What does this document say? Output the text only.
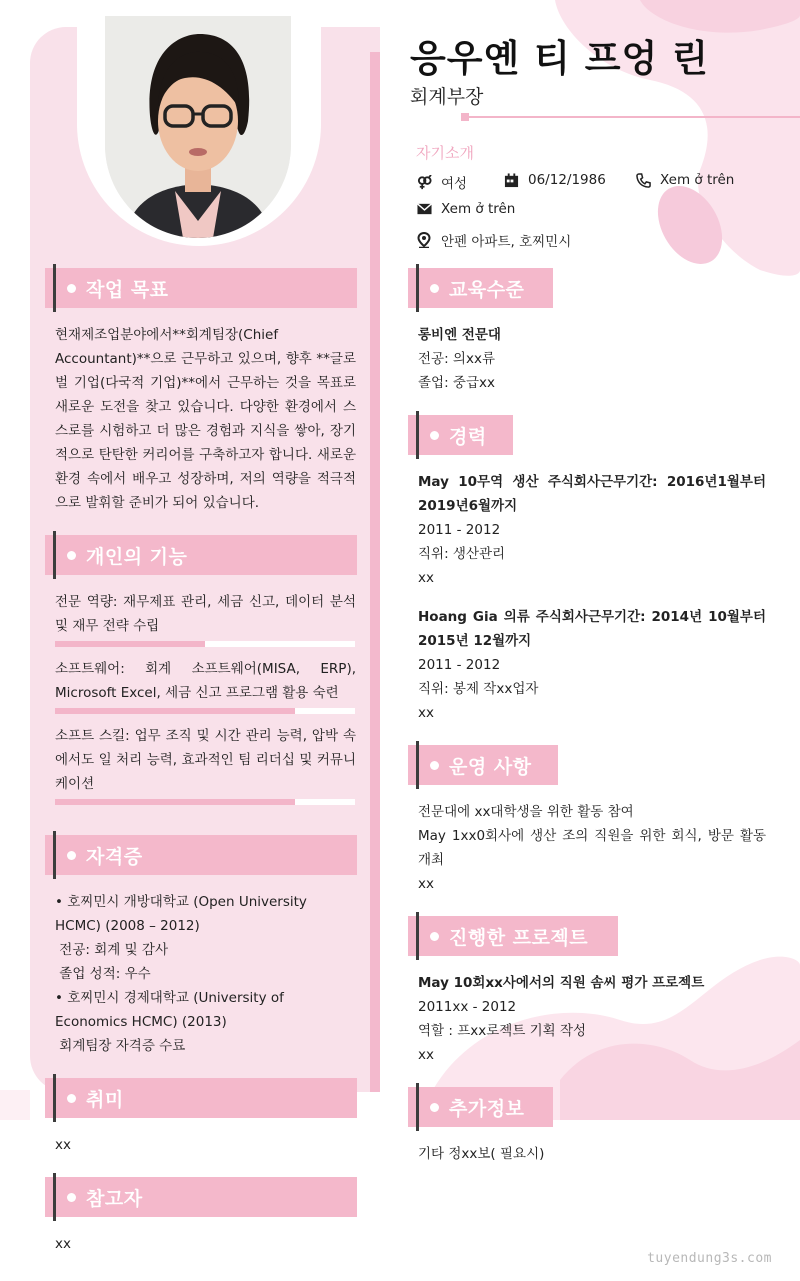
응우옌 티 프엉 린
회계부장
자기소개
여성	06/12/1986	Xem ở trên
Xem ở trên
안펜 아파트, 호찌민시
작업 목표
현재제조업분야에서**회계팀장(Chief Accountant)**으로 근무하고 있으며, 향후 **글로벌 기업(다국적 기업)**에서 근무하는 것을 목표로 새로운 도전을 찾고 있습니다. 다양한 환경에서 스스로를 시험하고 더 많은 경험과 지식을 쌓아, 장기적으로 탄탄한 커리어를 구축하고자 합니다. 새로운 환경 속에서 배우고 성장하며, 저의 역량을 적극적으로 발휘할 준비가 되어 있습니다.
개인의 기능
전문 역량: 재무제표 관리, 세금 신고, 데이터 분석 및 재무 전략 수립
소프트웨어: 회계 소프트웨어(MISA, ERP), Microsoft Excel, 세금 신고 프로그램 활용 숙련
소프트 스킬: 업무 조직 및 시간 관리 능력, 압박 속에서도 일 처리 능력, 효과적인 팀 리더십 및 커뮤니케이션
자격증
• 호찌민시 개방대학교 (Open University HCMC) (2008 – 2012)
전공: 회계 및 감사
졸업 성적: 우수
• 호찌민시 경제대학교 (University of Economics HCMC) (2013)
회계팀장 자격증 수료
취미
xx
참고자
xx
교육수준
롱비엔 전문대
전공: 의xx류
졸업: 중급xx
경력
May 10무역 생산 주식회사근무기간: 2016년1월부터 2019년6월까지
2011 - 2012
직위: 생산관리
xx
Hoang Gia 의류 주식회사근무기간: 2014년 10월부터 2015년 12월까지
2011 - 2012
직위: 봉제 작xx업자
xx
운영 사항
전문대에 xx대학생을 위한 활동 참여
May 1xx0회사에 생산 조의 직원을 위한 회식, 방문 활동 개최
xx
진행한 프로젝트
May 10회xx사에서의 직원 솜씨 평가 프로젝트
2011xx - 2012
역할 : 프xx로젝트 기획 작성
xx
추가정보
기타 정xx보( 필요시)
tuyendung3s.com
